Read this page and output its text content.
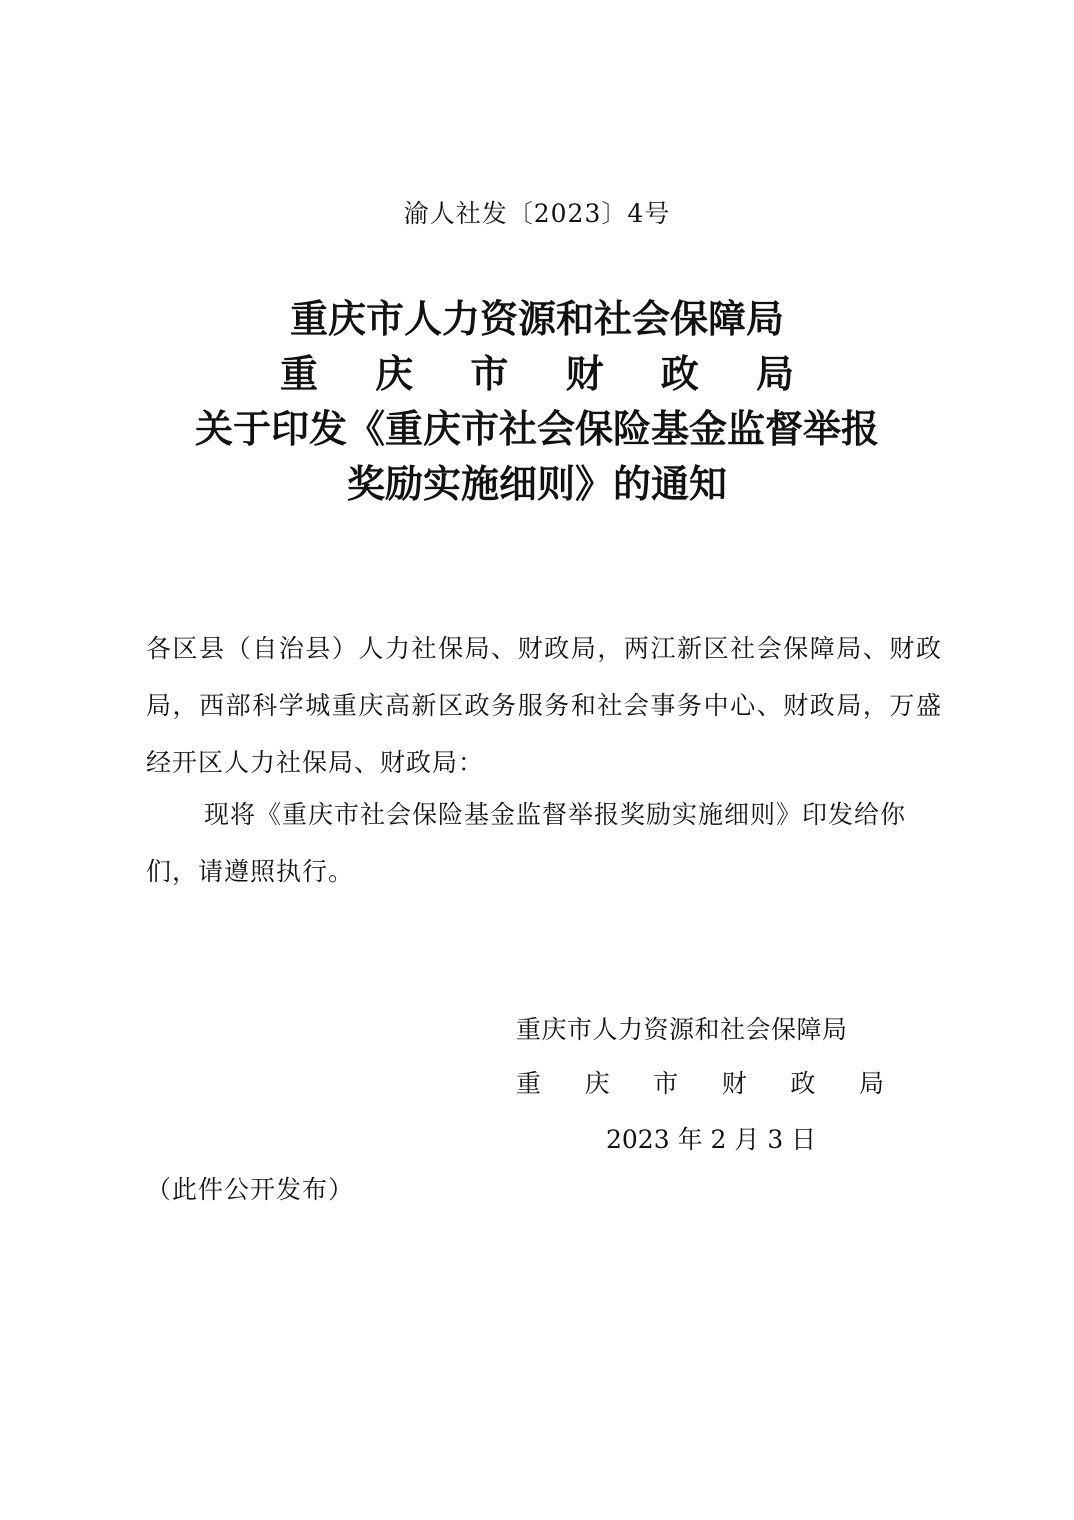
渝人社发〔2023〕4号
重庆市人力资源和社会保障局
重 庆 市 财 政 局
关于印发《重庆市社会保险基金监督举报
奖励实施细则》的通知
各区县（自治县）人力社保局、财政局，两江新区社会保障局、财政局，西部科学城重庆高新区政务服务和社会事务中心、财政局，万盛经开区人力社保局、财政局：
现将《重庆市社会保险基金监督举报奖励实施细则》印发给你们，请遵照执行。
重庆市人力资源和社会保障局
重 庆 市 财 政 局
2023 年 2 月 3 日
（此件公开发布）
